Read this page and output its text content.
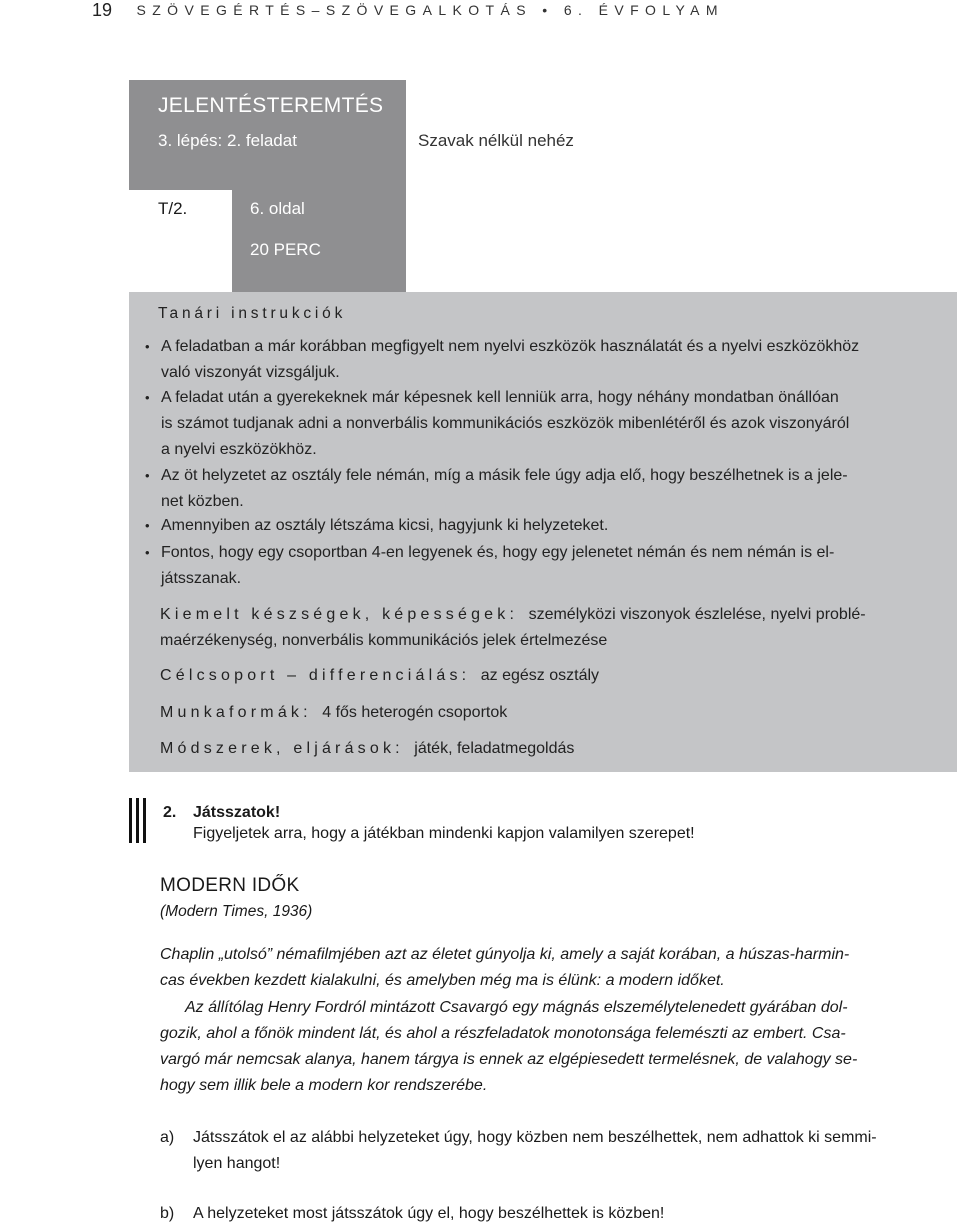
19 SZÖVEGÉRTÉS–SZÖVEGALKOTÁS • 6. ÉVFOLYAM
JELENTÉSTEREMTÉS
3. lépés: 2. feladat	Szavak nélkül nehéz
T/2.	6. oldal
20 PERC
Tanári instrukciók
• A feladatban a már korábban megfigyelt nem nyelvi eszközök használatát és a nyelvi eszközökhöz
való viszonyát vizsgáljuk.
• A feladat után a gyerekeknek már képesnek kell lenniük arra, hogy néhány mondatban önállóan
is számot tudjanak adni a nonverbális kommunikációs eszközök mibenlétéről és azok viszonyáról
a nyelvi eszközökhöz.
• Az öt helyzetet az osztály fele némán, míg a másik fele úgy adja elő, hogy beszélhetnek is a jele-
net közben.
• Amennyiben az osztály létszáma kicsi, hagyjunk ki helyzeteket.
• Fontos, hogy egy csoportban 4-en legyenek és, hogy egy jelenetet némán és nem némán is el-
játsszanak.
Kiemelt készségek, képességek: személyközi viszonyok észlelése, nyelvi problé-
maérzékenység, nonverbális kommunikációs jelek értelmezése
Célcsoport – differenciálás: az egész osztály
Munkaformák: 4 fős heterogén csoportok
Módszerek, eljárások: játék, feladatmegoldás
2. Játsszatok!
Figyeljetek arra, hogy a játékban mindenki kapjon valamilyen szerepet!
MODERN IDŐK
(Modern Times, 1936)
Chaplin „utolsó” némafilmjében azt az életet gúnyolja ki, amely a saját korában, a húszas-harmin-
cas években kezdett kialakulni, és amelyben még ma is élünk: a modern időket.
Az állítólag Henry Fordról mintázott Csavargó egy mágnás elszemélytelenedett gyárában dol-
gozik, ahol a főnök mindent lát, és ahol a részfeladatok monotonsága felemészti az embert. Csa-
vargó már nemcsak alanya, hanem tárgya is ennek az elgépiesedett termelésnek, de valahogy se-
hogy sem illik bele a modern kor rendszerébe.
a) Játsszátok el az alábbi helyzeteket úgy, hogy közben nem beszélhettek, nem adhattok ki semmi-
lyen hangot!
b) A helyzeteket most játsszátok úgy el, hogy beszélhettek is közben!
